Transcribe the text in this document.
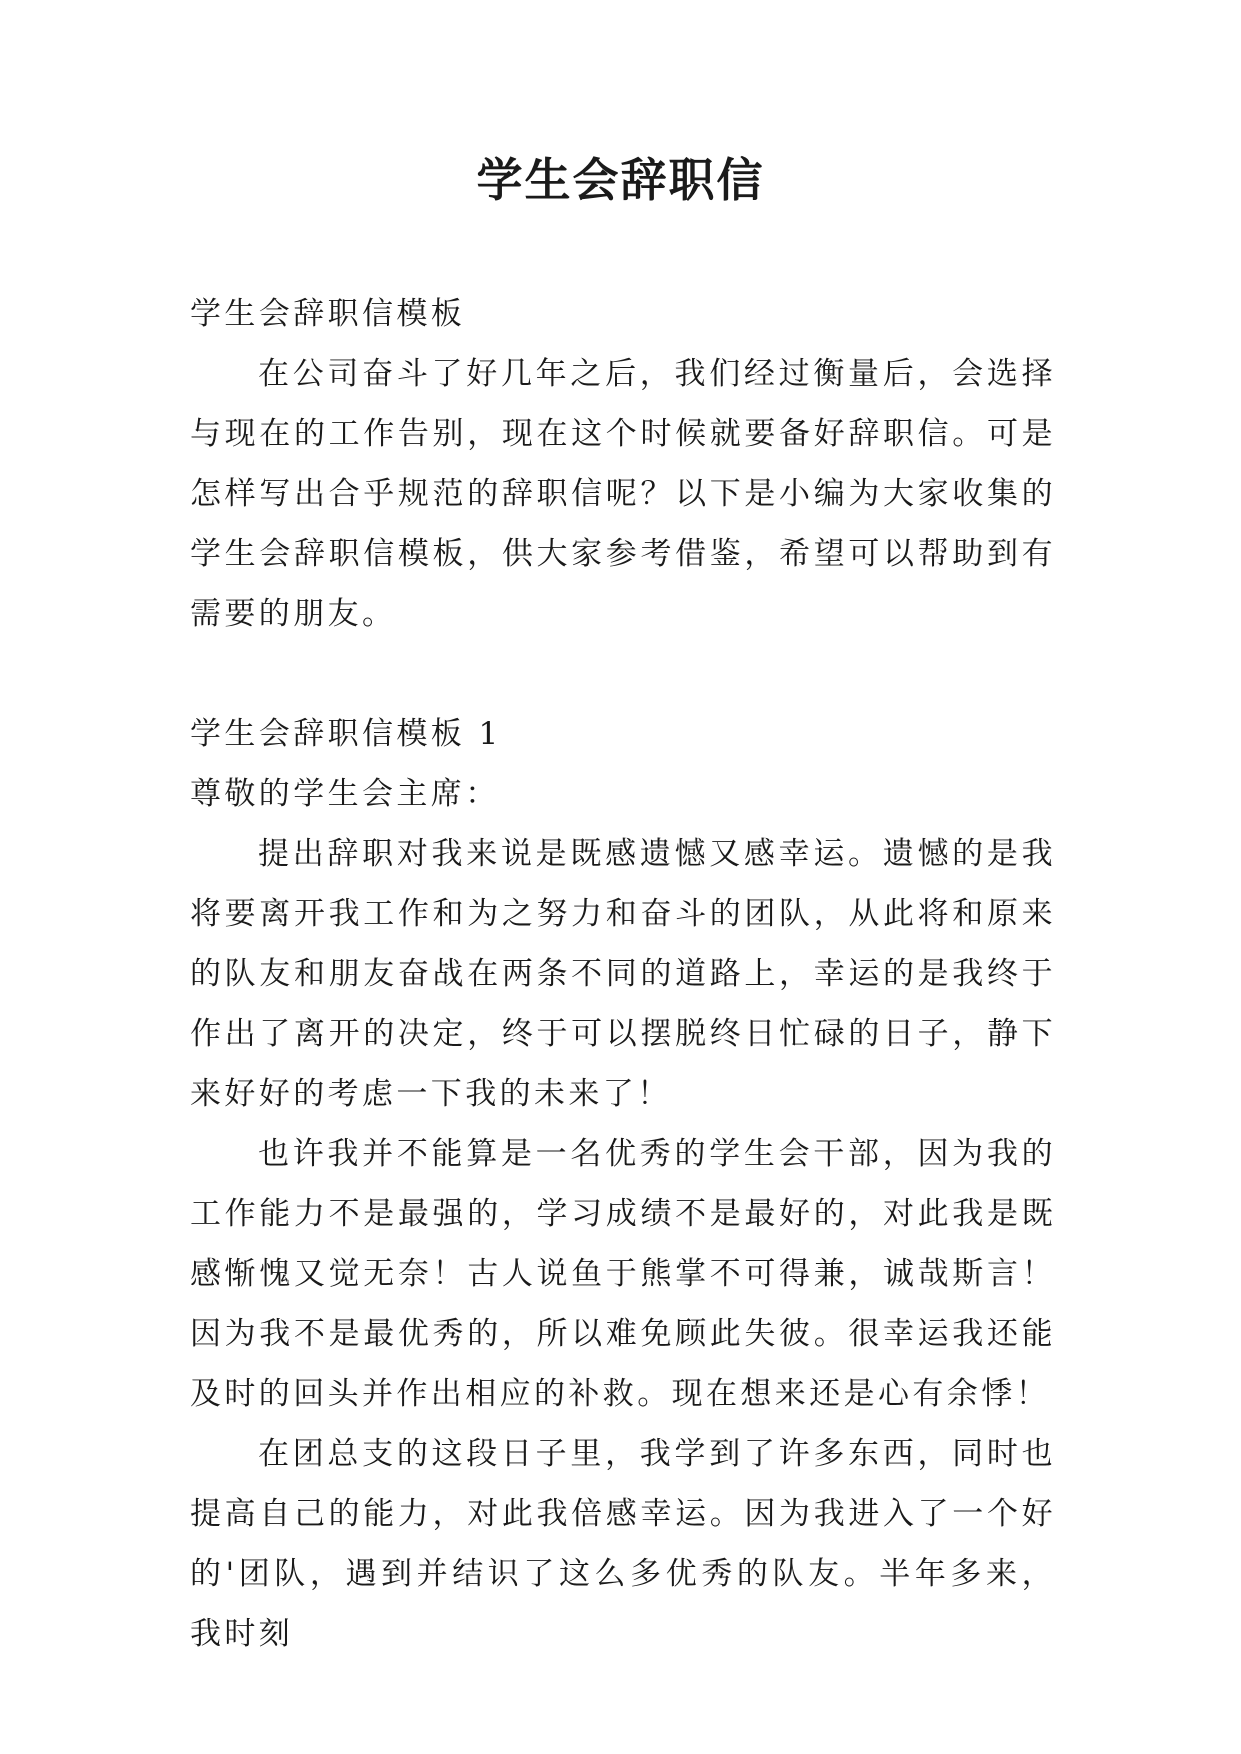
学生会辞职信

学生会辞职信模板

在公司奋斗了好几年之后，我们经过衡量后，会选择与现在的工作告别，现在这个时候就要备好辞职信。可是怎样写出合乎规范的辞职信呢？以下是小编为大家收集的学生会辞职信模板，供大家参考借鉴，希望可以帮助到有需要的朋友。

学生会辞职信模板 1

尊敬的学生会主席：

提出辞职对我来说是既感遗憾又感幸运。遗憾的是我将要离开我工作和为之努力和奋斗的团队，从此将和原来的队友和朋友奋战在两条不同的道路上，幸运的是我终于作出了离开的决定，终于可以摆脱终日忙碌的日子，静下来好好的考虑一下我的未来了！

也许我并不能算是一名优秀的学生会干部，因为我的工作能力不是最强的，学习成绩不是最好的，对此我是既感惭愧又觉无奈！古人说鱼于熊掌不可得兼，诚哉斯言！因为我不是最优秀的，所以难免顾此失彼。很幸运我还能及时的回头并作出相应的补救。现在想来还是心有余悸！

在团总支的这段日子里，我学到了许多东西，同时也提高自己的能力，对此我倍感幸运。因为我进入了一个好的'团队，遇到并结识了这么多优秀的队友。半年多来，我时刻
